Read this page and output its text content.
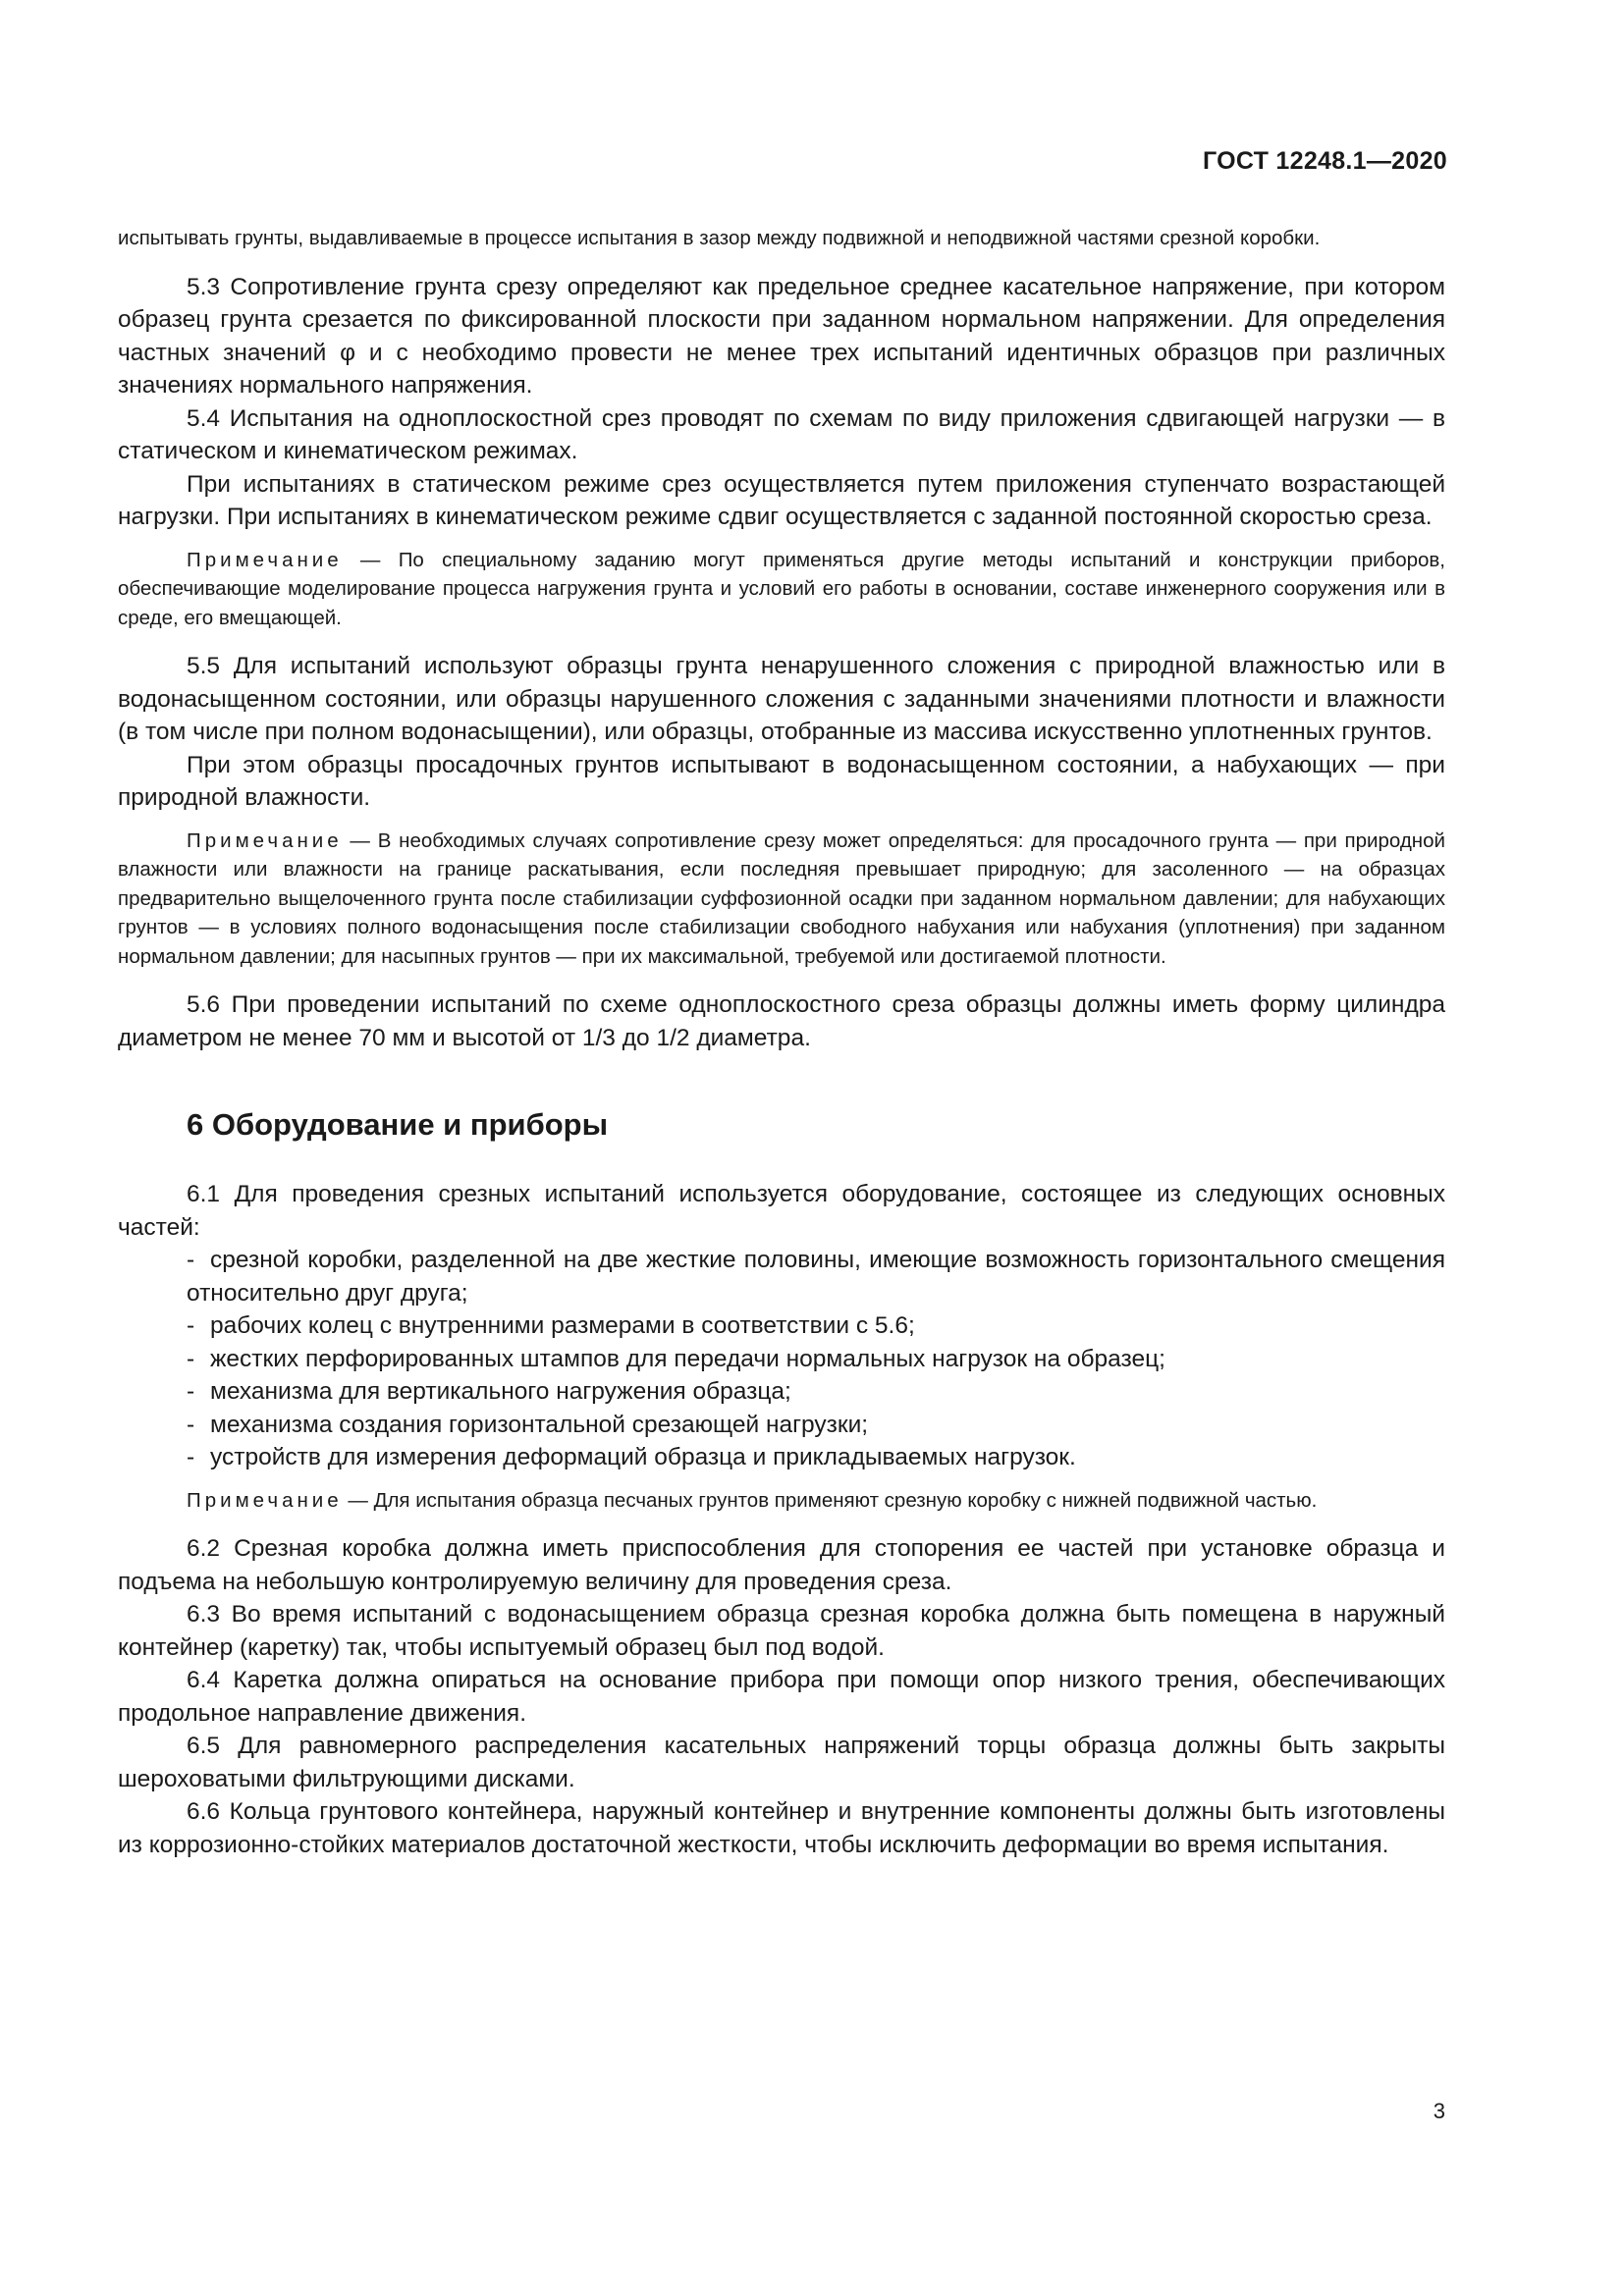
ГОСТ 12248.1—2020

испытывать грунты, выдавливаемые в процессе испытания в зазор между подвижной и неподвижной частями срезной коробки.

5.3 Сопротивление грунта срезу определяют как предельное среднее касательное напряжение, при котором образец грунта срезается по фиксированной плоскости при заданном нормальном напряжении. Для определения частных значений φ и с необходимо провести не менее трех испытаний идентичных образцов при различных значениях нормального напряжения.

5.4 Испытания на одноплоскостной срез проводят по схемам по виду приложения сдвигающей нагрузки — в статическом и кинематическом режимах.

При испытаниях в статическом режиме срез осуществляется путем приложения ступенчато возрастающей нагрузки. При испытаниях в кинематическом режиме сдвиг осуществляется с заданной постоянной скоростью среза.

Примечание — По специальному заданию могут применяться другие методы испытаний и конструкции приборов, обеспечивающие моделирование процесса нагружения грунта и условий его работы в основании, составе инженерного сооружения или в среде, его вмещающей.

5.5 Для испытаний используют образцы грунта ненарушенного сложения с природной влажностью или в водонасыщенном состоянии, или образцы нарушенного сложения с заданными значениями плотности и влажности (в том числе при полном водонасыщении), или образцы, отобранные из массива искусственно уплотненных грунтов.

При этом образцы просадочных грунтов испытывают в водонасыщенном состоянии, а набухающих — при природной влажности.

Примечание — В необходимых случаях сопротивление срезу может определяться: для просадочного грунта — при природной влажности или влажности на границе раскатывания, если последняя превышает природную; для засоленного — на образцах предварительно выщелоченного грунта после стабилизации суффозионной осадки при заданном нормальном давлении; для набухающих грунтов — в условиях полного водонасыщения после стабилизации свободного набухания или набухания (уплотнения) при заданном нормальном давлении; для насыпных грунтов — при их максимальной, требуемой или достигаемой плотности.

5.6 При проведении испытаний по схеме одноплоскостного среза образцы должны иметь форму цилиндра диаметром не менее 70 мм и высотой от 1/3 до 1/2 диаметра.

6 Оборудование и приборы

6.1 Для проведения срезных испытаний используется оборудование, состоящее из следующих основных частей:

- срезной коробки, разделенной на две жесткие половины, имеющие возможность горизонтального смещения относительно друг друга;
- рабочих колец с внутренними размерами в соответствии с 5.6;
- жестких перфорированных штампов для передачи нормальных нагрузок на образец;
- механизма для вертикального нагружения образца;
- механизма создания горизонтальной срезающей нагрузки;
- устройств для измерения деформаций образца и прикладываемых нагрузок.

Примечание — Для испытания образца песчаных грунтов применяют срезную коробку с нижней подвижной частью.

6.2 Срезная коробка должна иметь приспособления для стопорения ее частей при установке образца и подъема на небольшую контролируемую величину для проведения среза.

6.3 Во время испытаний с водонасыщением образца срезная коробка должна быть помещена в наружный контейнер (каретку) так, чтобы испытуемый образец был под водой.

6.4 Каретка должна опираться на основание прибора при помощи опор низкого трения, обеспечивающих продольное направление движения.

6.5 Для равномерного распределения касательных напряжений торцы образца должны быть закрыты шероховатыми фильтрующими дисками.

6.6 Кольца грунтового контейнера, наружный контейнер и внутренние компоненты должны быть изготовлены из коррозионно-стойких материалов достаточной жесткости, чтобы исключить деформации во время испытания.

3
